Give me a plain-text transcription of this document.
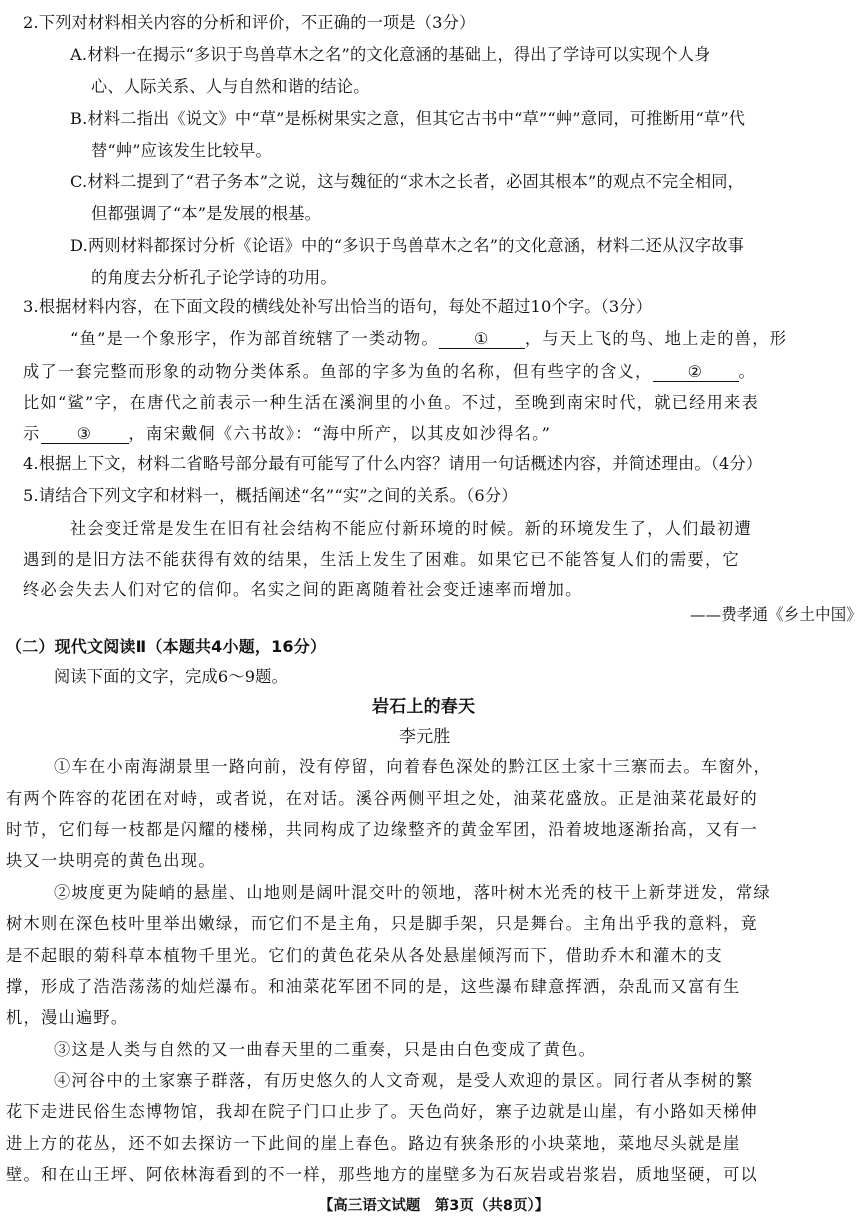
2.下列对材料相关内容的分析和评价，不正确的一项是（3分）
A.材料一在揭示“多识于鸟兽草木之名”的文化意涵的基础上，得出了学诗可以实现个人身
心、人际关系、人与自然和谐的结论。
B.材料二指出《说文》中“草”是栎树果实之意，但其它古书中“草”“艸”意同，可推断用“草”代
替“艸”应该发生比较早。
C.材料二提到了“君子务本”之说，这与魏征的“求木之长者，必固其根本”的观点不完全相同，
但都强调了“本”是发展的根基。
D.两则材料都探讨分析《论语》中的“多识于鸟兽草木之名”的文化意涵，材料二还从汉字故事
的角度去分析孔子论学诗的功用。
3.根据材料内容，在下面文段的横线处补写出恰当的语句，每处不超过10个字。（3分）
“鱼”是一个象形字，作为部首统辖了一类动物。 ① ，与天上飞的鸟、地上走的兽，形
成了一套完整而形象的动物分类体系。鱼部的字多为鱼的名称，但有些字的含义， ② 。
比如“鲨”字，在唐代之前表示一种生活在溪涧里的小鱼。不过，至晚到南宋时代，就已经用来表
示 ③ ，南宋戴侗《六书故》：“海中所产，以其皮如沙得名。”
4.根据上下文，材料二省略号部分最有可能写了什么内容？请用一句话概述内容，并简述理由。（4分）
5.请结合下列文字和材料一，概括阐述“名”“实”之间的关系。（6分）
社会变迁常是发生在旧有社会结构不能应付新环境的时候。新的环境发生了，人们最初遭
遇到的是旧方法不能获得有效的结果，生活上发生了困难。如果它已不能答复人们的需要，它
终必会失去人们对它的信仰。名实之间的距离随着社会变迁速率而增加。
——费孝通《乡土中国》
（二）现代文阅读Ⅱ（本题共4小题，16分）
阅读下面的文字，完成6～9题。
岩石上的春天
李元胜
①车在小南海湖景里一路向前，没有停留，向着春色深处的黔江区土家十三寨而去。车窗外，
有两个阵容的花团在对峙，或者说，在对话。溪谷两侧平坦之处，油菜花盛放。正是油菜花最好的
时节，它们每一枝都是闪耀的楼梯，共同构成了边缘整齐的黄金军团，沿着坡地逐渐抬高，又有一
块又一块明亮的黄色出现。
②坡度更为陡峭的悬崖、山地则是阔叶混交叶的领地，落叶树木光秃的枝干上新芽迸发，常绿
树木则在深色枝叶里举出嫩绿，而它们不是主角，只是脚手架，只是舞台。主角出乎我的意料，竟
是不起眼的菊科草本植物千里光。它们的黄色花朵从各处悬崖倾泻而下，借助乔木和灌木的支
撑，形成了浩浩荡荡的灿烂瀑布。和油菜花军团不同的是，这些瀑布肆意挥洒，杂乱而又富有生
机，漫山遍野。
③这是人类与自然的又一曲春天里的二重奏，只是由白色变成了黄色。
④河谷中的土家寨子群落，有历史悠久的人文奇观，是受人欢迎的景区。同行者从李树的繁
花下走进民俗生态博物馆，我却在院子门口止步了。天色尚好，寨子边就是山崖，有小路如天梯伸
进上方的花丛，还不如去探访一下此间的崖上春色。路边有狭条形的小块菜地，菜地尽头就是崖
壁。和在山王坪、阿依林海看到的不一样，那些地方的崖壁多为石灰岩或岩浆岩，质地坚硬，可以
【高三语文试题　第3页（共8页）】
